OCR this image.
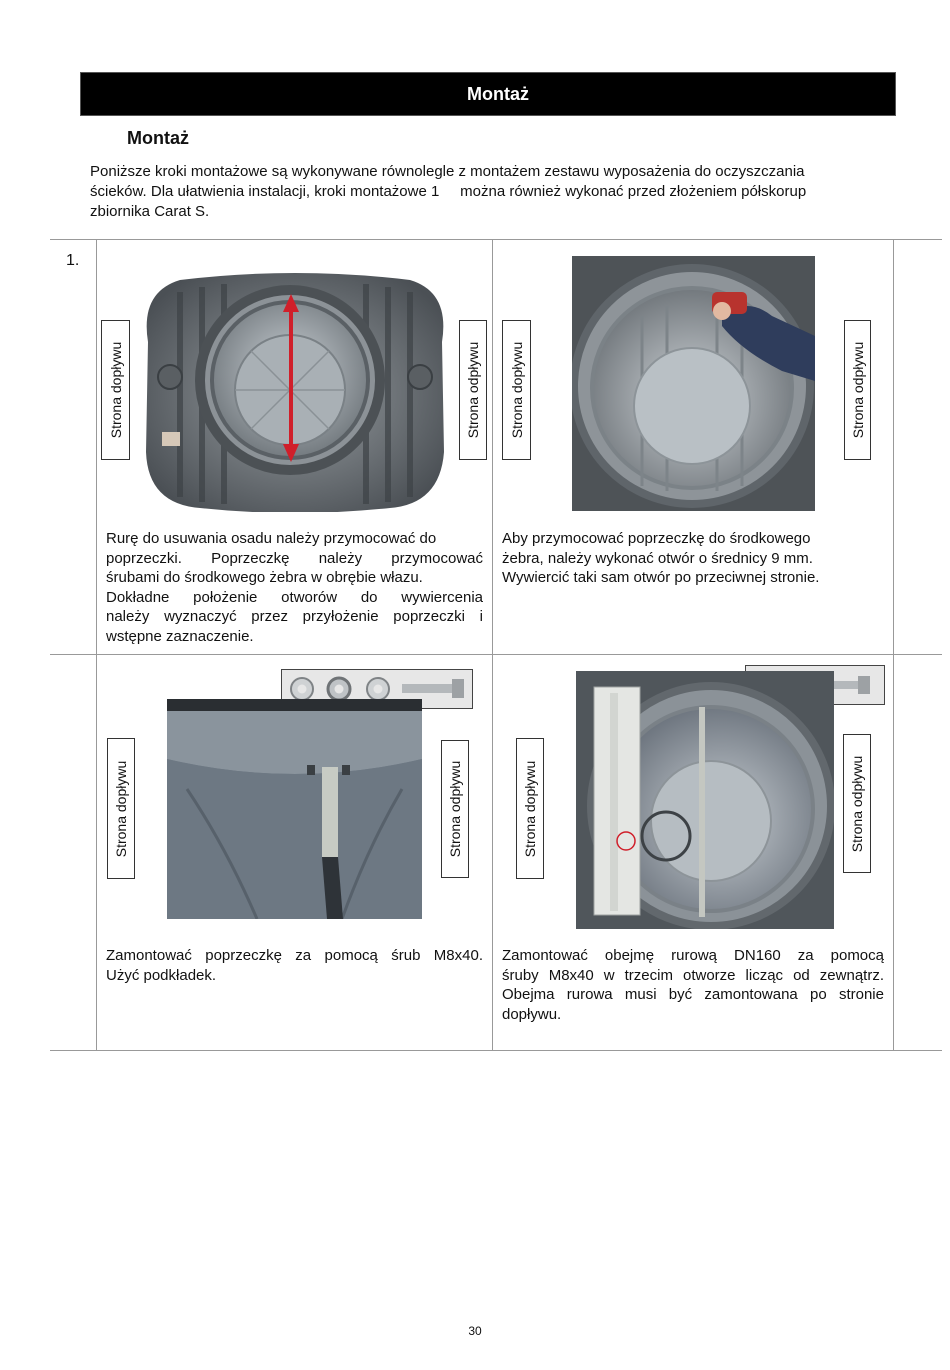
Montaż
Montaż
Poniższe kroki montażowe są wykonywane równolegle z montażem zestawu wyposażenia do oczyszczania
ścieków. Dla ułatwienia instalacji, kroki montażowe 1     można również wykonać przed złożeniem półskorup
zbiornika Carat S.
1.
Strona dopływu	Strona odpływu
Rurę do usuwania osadu należy przymocować do
poprzeczki. Poprzeczkę należy przymocować
śrubami do środkowego żebra w obrębie włazu.
Dokładne położenie otworów do wywiercenia
należy wyznaczyć przez przyłożenie poprzeczki i
wstępne zaznaczenie.
Strona dopływu	Strona odpływu
Aby przymocować poprzeczkę do środkowego
żebra, należy wykonać otwór o średnicy 9 mm.
Wywiercić taki sam otwór po przeciwnej stronie.
Strona dopływu	Strona odpływu
Zamontować poprzeczkę za pomocą śrub M8x40.
Użyć podkładek.
Strona dopływu	Strona odpływu
Zamontować obejmę rurową DN160 za pomocą
śruby M8x40 w trzecim otworze licząc od zewnątrz.
Obejma rurowa musi być zamontowana po stronie
dopływu.
30
